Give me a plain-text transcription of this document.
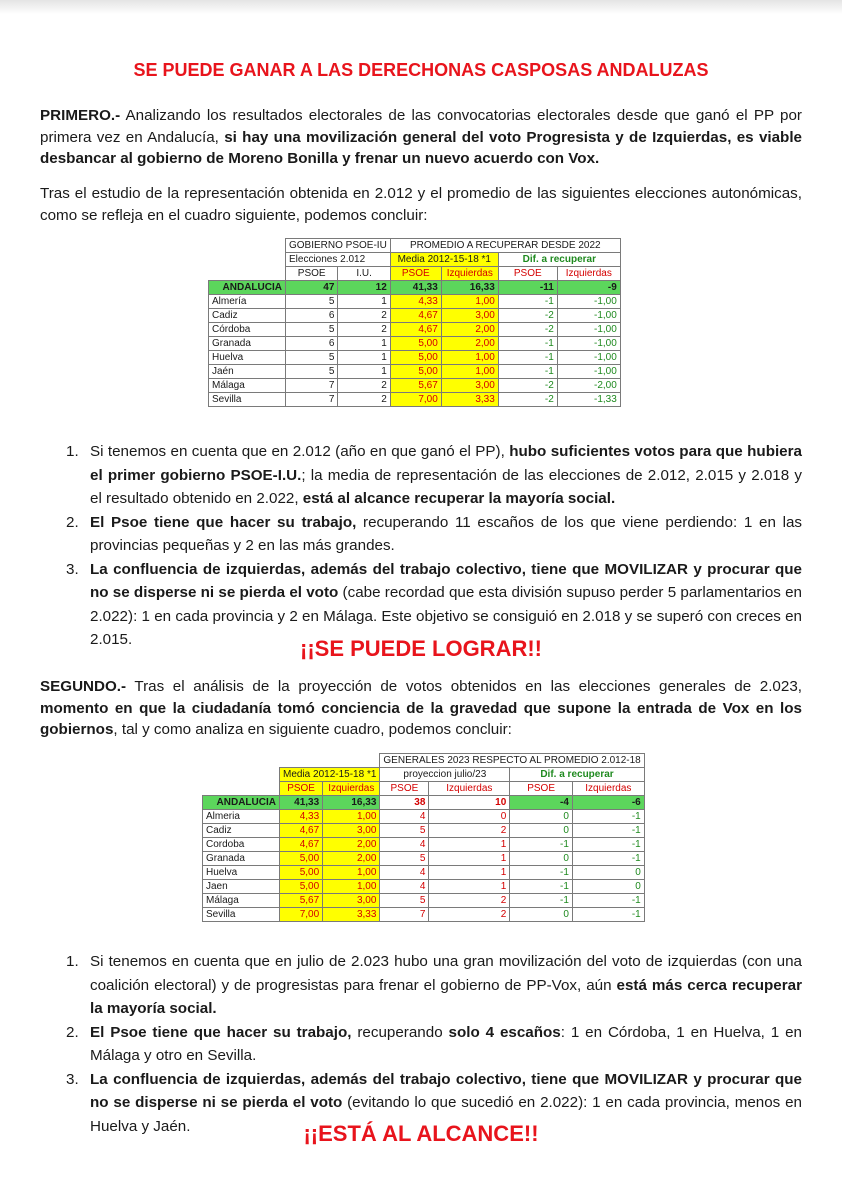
SE PUEDE GANAR A LAS DERECHONAS CASPOSAS ANDALUZAS
PRIMERO.- Analizando los resultados electorales de las convocatorias electorales desde que ganó el PP por primera vez en Andalucía, si hay una movilización general del voto Progresista y de Izquierdas, es viable desbancar al gobierno de Moreno Bonilla y frenar un nuevo acuerdo con Vox.
Tras el estudio de la representación obtenida en 2.012 y el promedio de las siguientes elecciones autonómicas, como se refleja en el cuadro siguiente, podemos concluir:
	GOBIERNO PSOE-IU		PROMEDIO A RECUPERAR DESDE 2022			
	Elecciones 2.012		Media 2012-15-18 *1		Dif. a recuperar	
	PSOE	I.U.	PSOE	Izquierdas	PSOE	Izquierdas
ANDALUCIA	47	12	41,33	16,33	-11	-9
Almería	5	1	4,33	1,00	-1	-1,00
Cadiz	6	2	4,67	3,00	-2	-1,00
Córdoba	5	2	4,67	2,00	-2	-1,00
Granada	6	1	5,00	2,00	-1	-1,00
Huelva	5	1	5,00	1,00	-1	-1,00
Jaén	5	1	5,00	1,00	-1	-1,00
Málaga	7	2	5,67	3,00	-2	-2,00
Sevilla	7	2	7,00	3,33	-2	-1,33
1. Si tenemos en cuenta que en 2.012 (año en que ganó el PP), hubo suficientes votos para que hubiera el primer gobierno PSOE-I.U.; la media de representación de las elecciones de 2.012, 2.015 y 2.018 y el resultado obtenido en 2.022, está al alcance recuperar la mayoría social.
2. El Psoe tiene que hacer su trabajo, recuperando 11 escaños de los que viene perdiendo: 1 en las provincias pequeñas y 2 en las más grandes.
3. La confluencia de izquierdas, además del trabajo colectivo, tiene que MOVILIZAR y procurar que no se disperse ni se pierda el voto (cabe recordad que esta división supuso perder 5 parlamentarios en 2.022): 1 en cada provincia y 2 en Málaga. Este objetivo se consiguió en 2.018 y se superó con creces en 2.015.	¡¡SE PUEDE LOGRAR!!
SEGUNDO.- Tras el análisis de la proyección de votos obtenidos en las elecciones generales de 2.023, momento en que la ciudadanía tomó conciencia de la gravedad que supone la entrada de Vox en los gobiernos, tal y como analiza en siguiente cuadro, podemos concluir:
			GENERALES 2023 RESPECTO AL PROMEDIO 2.012-18			
	Media 2012-15-18 *1		proyeccion julio/23		Dif. a recuperar	
	PSOE	Izquierdas	PSOE	Izquierdas	PSOE	Izquierdas
ANDALUCIA	41,33	16,33	38	10	-4	-6
Almeria	4,33	1,00	4	0	0	-1
Cadiz	4,67	3,00	5	2	0	-1
Cordoba	4,67	2,00	4	1	-1	-1
Granada	5,00	2,00	5	1	0	-1
Huelva	5,00	1,00	4	1	-1	0
Jaen	5,00	1,00	4	1	-1	0
Málaga	5,67	3,00	5	2	-1	-1
Sevilla	7,00	3,33	7	2	0	-1
1. Si tenemos en cuenta que en julio de 2.023 hubo una gran movilización del voto de izquierdas (con una coalición electoral) y de progresistas para frenar el gobierno de PP-Vox, aún está más cerca recuperar la mayoría social.
2. El Psoe tiene que hacer su trabajo, recuperando solo 4 escaños: 1 en Córdoba, 1 en Huelva, 1 en Málaga y otro en Sevilla.
3. La confluencia de izquierdas, además del trabajo colectivo, tiene que MOVILIZAR y procurar que no se disperse ni se pierda el voto (evitando lo que sucedió en 2.022): 1 en cada provincia, menos en Huelva y Jaén.	¡¡ESTÁ AL ALCANCE!!
